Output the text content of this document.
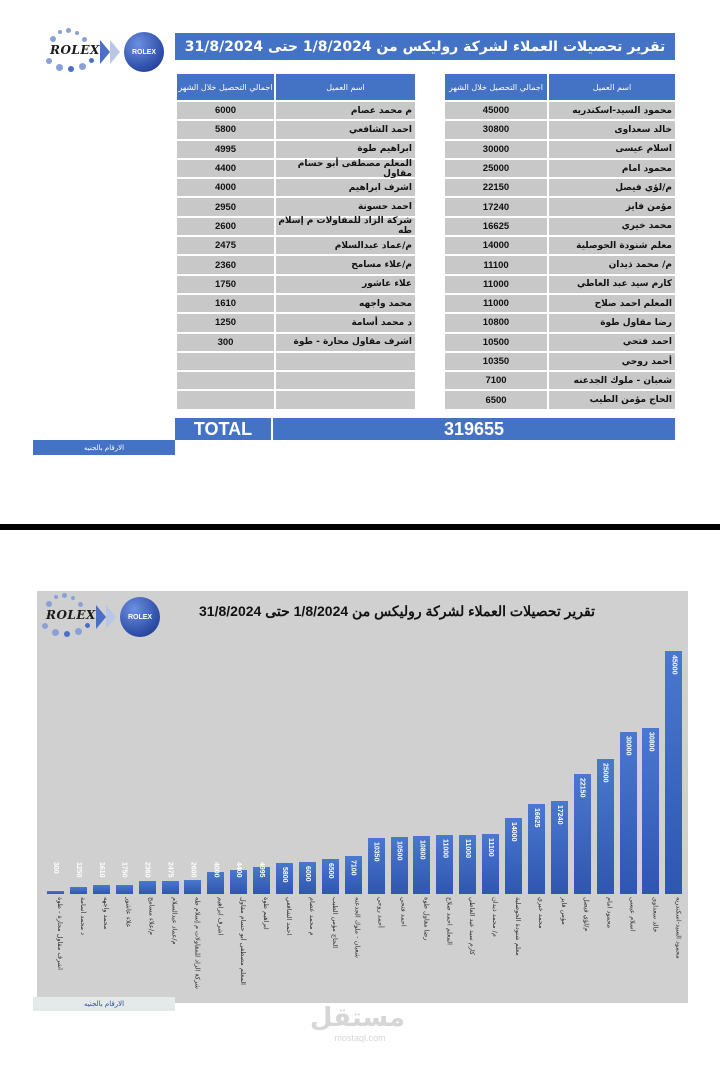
ROLEX	ROLEX	تقرير تحصيلات العملاء لشركة روليكس من 1/8/2024 حتى 31/8/2024
اسم العميل
اجمالي التحصيل خلال الشهر
محمود السيد-اسكندريه
45000
خالد سعداوى
30800
اسلام عيسى
30000
محمود امام
25000
م/لؤي فيصل
22150
مؤمن فايز
17240
محمد خيري
16625
معلم شنودة الحوصلية
14000
م/ محمد ذيدان
11100
كارم سيد عبد العاطي
11000
المعلم احمد صلاح
11000
رضا مقاول طوة
10800
احمد فتحي
10500
أحمد روحي
10350
شعبان - ملوك الجدعنه
7100
الحاج مؤمن الطيب
6500
اسم العميل
اجمالي التحصيل خلال الشهر
م محمد عصام
6000
احمد الشافعي
5800
ابراهيم طوة
4995
المعلم مصطفى أبو حسام مقاول
4400
اشرف ابراهيم
4000
احمد حسونة
2950
شركة الزاد للمقاولات م إسلام طه
2600
م/عماد عبدالسلام
2475
م/علاء مسامح
2360
علاء عاشور
1750
محمد واجهه
1610
د محمد أسامة
1250
اشرف مقاول محارة - طوة
300
TOTAL	319655
الارقام بالجنيه
ROLEX	ROLEX	تقرير تحصيلات العملاء لشركة روليكس من 1/8/2024 حتى 31/8/2024
300	1250	1610	1750	2360	2475	2600	4000	4400	4995	5800	6000	6500	7100
10350	10500	10800	11000	11000	11100
14000
16625	17240
22150
25000
30000	30800
45000
اشرف مقاول محارة - طوة	د محمد أسامة	محمد واجهه	علاء عاشور	م/علاء مسامح	م/عماد عبدالسلام	شركة الزاد للمقاولات م إسلام طه	اشرف ابراهيم	المعلم مصطفى أبو حسام مقاول	ابراهيم طوة	احمد الشافعي	م محمد عصام	الحاج مؤمن الطيب	شعبان - ملوك الجدعنه	أحمد روحي	احمد فتحي	رضا مقاول طوة	المعلم احمد صلاح	كارم سيد عبد العاطي	م/ محمد ذيدان	معلم شنودة الحوصلية	محمد خيري	مؤمن فايز	م/لؤي فيصل	محمود امام	اسلام عيسى	خالد سعداوى	محمود السيد-اسكندريه
الارقام بالجنيه	مستقل
mostaql.com
